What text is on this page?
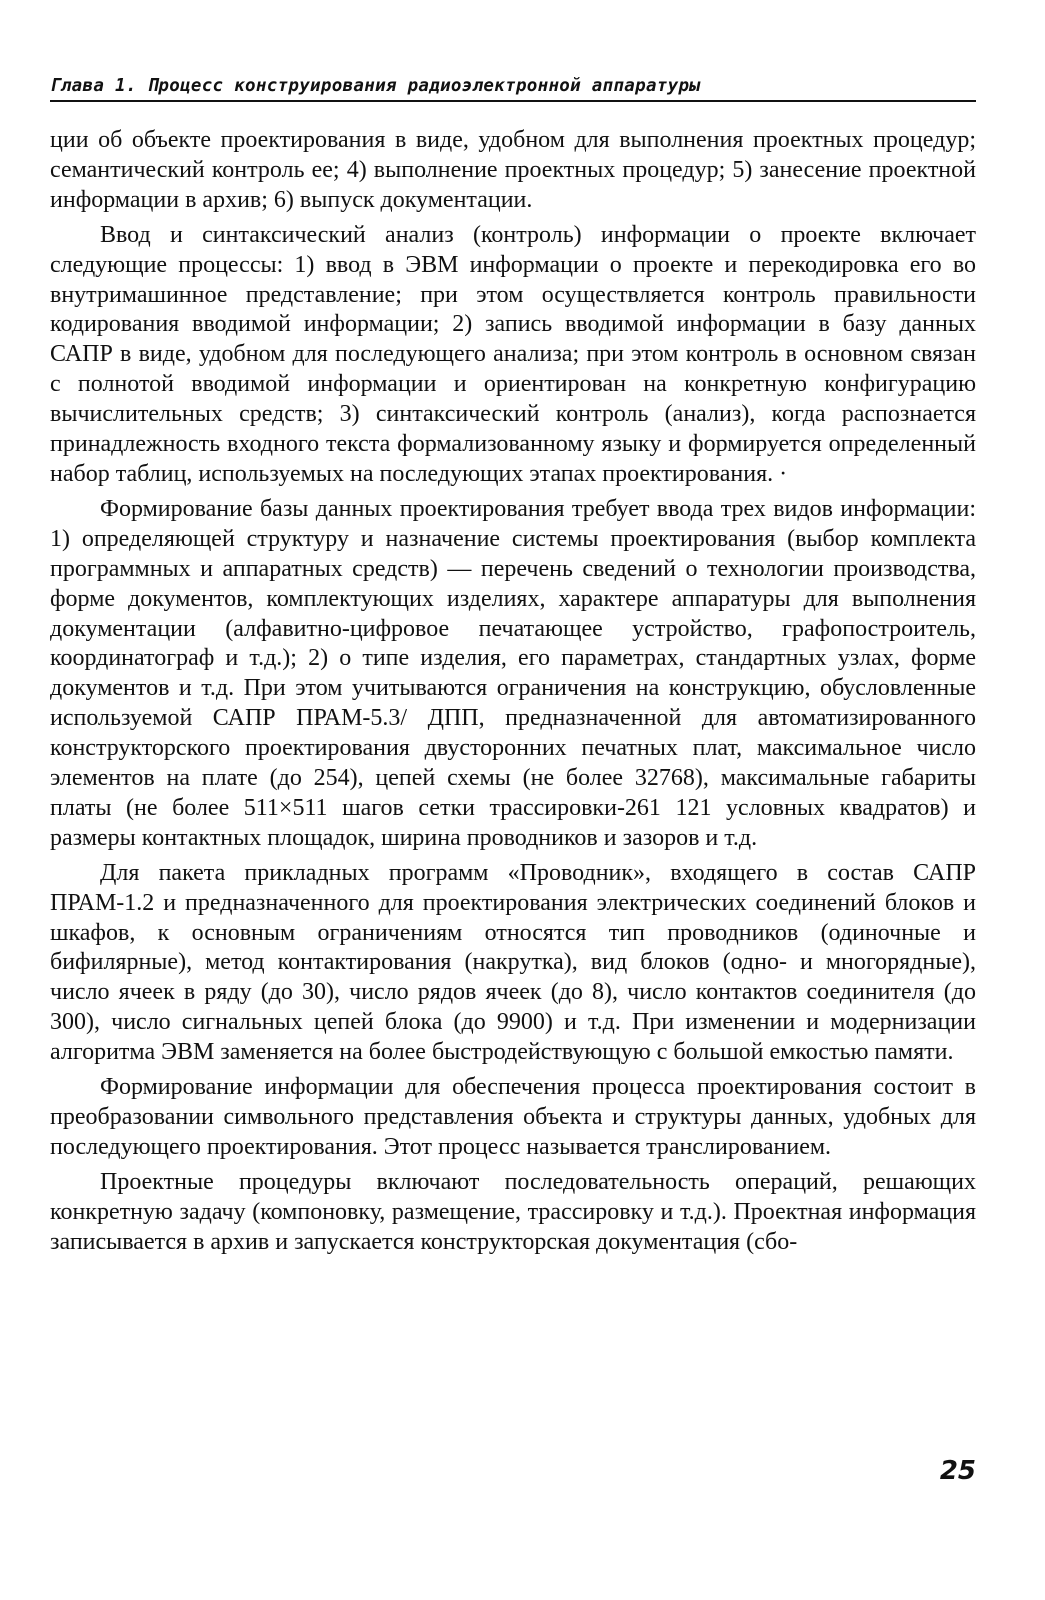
Глава 1. Процесс конструирования радиоэлектронной аппаратуры

ции об объекте проектирования в виде, удобном для выполнения проектных процедур; семантический контроль ее; 4) выполнение проектных процедур; 5) занесение проектной информации в архив; 6) выпуск документации.

Ввод и синтаксический анализ (контроль) информации о проекте включает следующие процессы: 1) ввод в ЭВМ информации о проекте и перекодировка его во внутримашинное представление; при этом осуществляется контроль правильности кодирования вводимой информации; 2) запись вводимой информации в базу данных САПР в виде, удобном для последующего анализа; при этом контроль в основном связан с полнотой вводимой информации и ориентирован на конкретную конфигурацию вычислительных средств; 3) синтаксический контроль (анализ), когда распознается принадлежность входного текста формализованному языку и формируется определенный набор таблиц, используемых на последующих этапах проектирования. ·

Формирование базы данных проектирования требует ввода трех видов информации: 1) определяющей структуру и назначение системы проектирования (выбор комплекта программных и аппаратных средств) — перечень сведений о технологии производства, форме документов, комплектующих изделиях, характере аппаратуры для выполнения документации (алфавитно-цифровое печатающее устройство, графопостроитель, координатограф и т.д.); 2) о типе изделия, его параметрах, стандартных узлах, форме документов и т.д. При этом учитываются ограничения на конструкцию, обусловленные используемой САПР ПРАМ-5.3/ ДПП, предназначенной для автоматизированного конструкторского проектирования двусторонних печатных плат, максимальное число элементов на плате (до 254), цепей схемы (не более 32768), максимальные габариты платы (не более 511×511 шагов сетки трассировки-261 121 условных квадратов) и размеры контактных площадок, ширина проводников и зазоров и т.д.

Для пакета прикладных программ «Проводник», входящего в состав САПР ПРАМ-1.2 и предназначенного для проектирования электрических соединений блоков и шкафов, к основным ограничениям относятся тип проводников (одиночные и бифилярные), метод контактирования (накрутка), вид блоков (одно- и многорядные), число ячеек в ряду (до 30), число рядов ячеек (до 8), число контактов соединителя (до 300), число сигнальных цепей блока (до 9900) и т.д. При изменении и модернизации алгоритма ЭВМ заменяется на более быстродействующую с большой емкостью памяти.

Формирование информации для обеспечения процесса проектирования состоит в преобразовании символьного представления объекта и структуры данных, удобных для последующего проектирования. Этот процесс называется транслированием.

Проектные процедуры включают последовательность операций, решающих конкретную задачу (компоновку, размещение, трассировку и т.д.). Проектная информация записывается в архив и запускается конструкторская документация (сбо-

25
